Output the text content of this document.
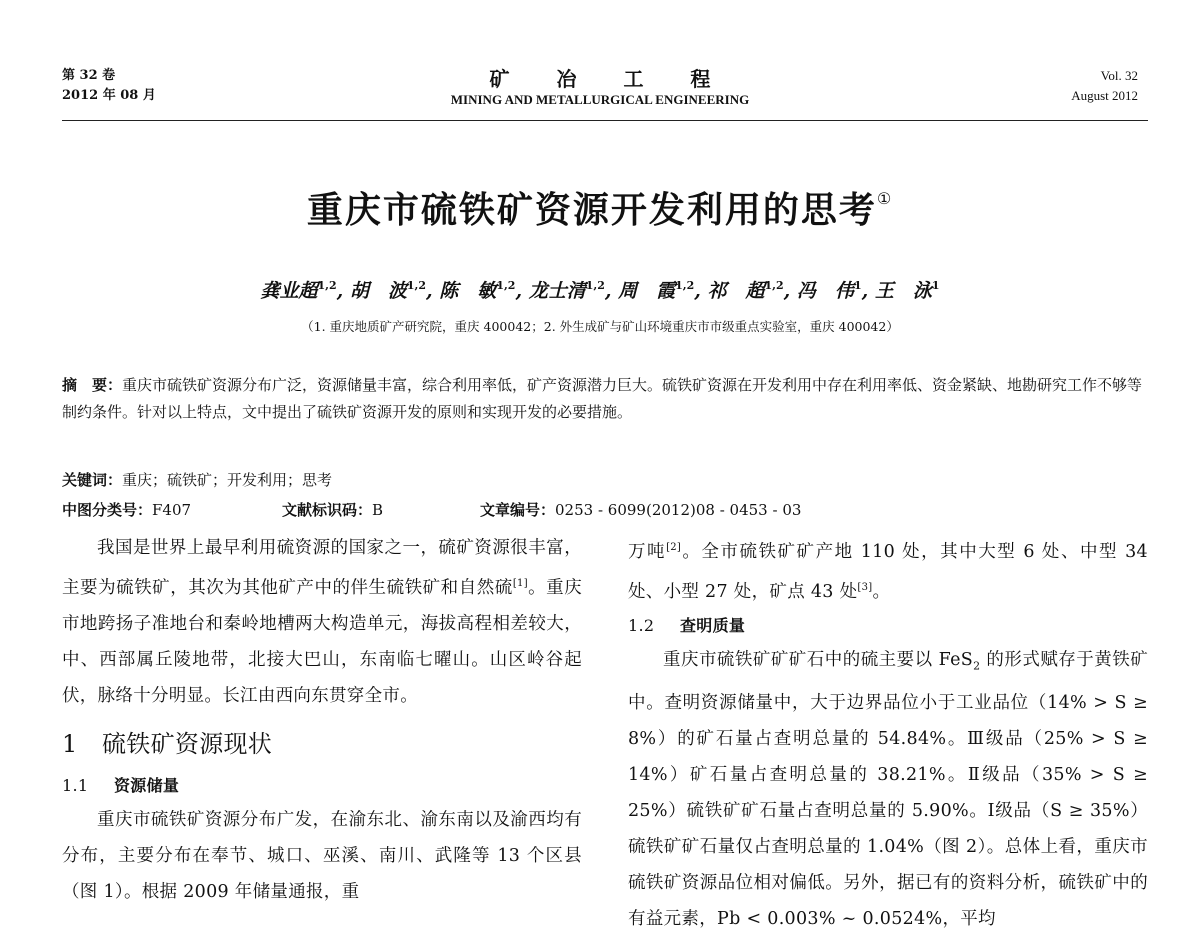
第 32 卷
2012 年 08 月
矿 冶 工 程
MINING AND METALLURGICAL ENGINEERING
Vol. 32
August 2012
重庆市硫铁矿资源开发利用的思考①
龚业超$^{1,2}$, 胡　波$^{1,2}$, 陈　敏$^{1,2}$, 龙士清$^{1,2}$, 周　霞$^{1,2}$, 祁　超$^{1,2}$, 冯　伟$^1$, 王　泳$^1$
（1. 重庆地质矿产研究院，重庆 400042；2. 外生成矿与矿山环境重庆市市级重点实验室，重庆 400042）
摘　要：重庆市硫铁矿资源分布广泛，资源储量丰富，综合利用率低，矿产资源潜力巨大。硫铁矿资源在开发利用中存在利用率低、资金紧缺、地勘研究工作不够等制约条件。针对以上特点，文中提出了硫铁矿资源开发的原则和实现开发的必要措施。
关键词：重庆；硫铁矿；开发利用；思考
中图分类号：F407	文献标识码：B	文章编号：0253 - 6099(2012)08 - 0453 - 03

我国是世界上最早利用硫资源的国家之一，硫矿资源很丰富，主要为硫铁矿，其次为其他矿产中的伴生硫铁矿和自然硫[1]。重庆市地跨扬子准地台和秦岭地槽两大构造单元，海拔高程相差较大，中、西部属丘陵地带，北接大巴山，东南临七曜山。山区岭谷起伏，脉络十分明显。长江由西向东贯穿全市。

1 硫铁矿资源现状

1.1 资源储量

重庆市硫铁矿资源分布广发，在渝东北、渝东南以及渝西均有分布，主要分布在奉节、城口、巫溪、南川、武隆等 13 个区县（图 1）。根据 2009 年储量通报，重

万吨[2]。全市硫铁矿矿产地 110 处，其中大型 6 处、中型 34 处、小型 27 处，矿点 43 处[3]。

1.2 查明质量

重庆市硫铁矿矿矿石中的硫主要以 FeS$_2$ 的形式赋存于黄铁矿中。查明资源储量中，大于边界品位小于工业品位（14% > S ≥ 8%）的矿石量占查明总量的 54.84%。Ⅲ级品（25% > S ≥ 14%）矿石量占查明总量的 38.21%。Ⅱ级品（35% > S ≥ 25%）硫铁矿矿石量占查明总量的 5.90%。Ⅰ级品（S ≥ 35%）硫铁矿矿石量仅占查明总量的 1.04%（图 2）。总体上看，重庆市硫铁矿资源品位相对偏低。另外，据已有的资料分析，硫铁矿中的有益元素，Pb < 0.003% ~ 0.0524%，平均
